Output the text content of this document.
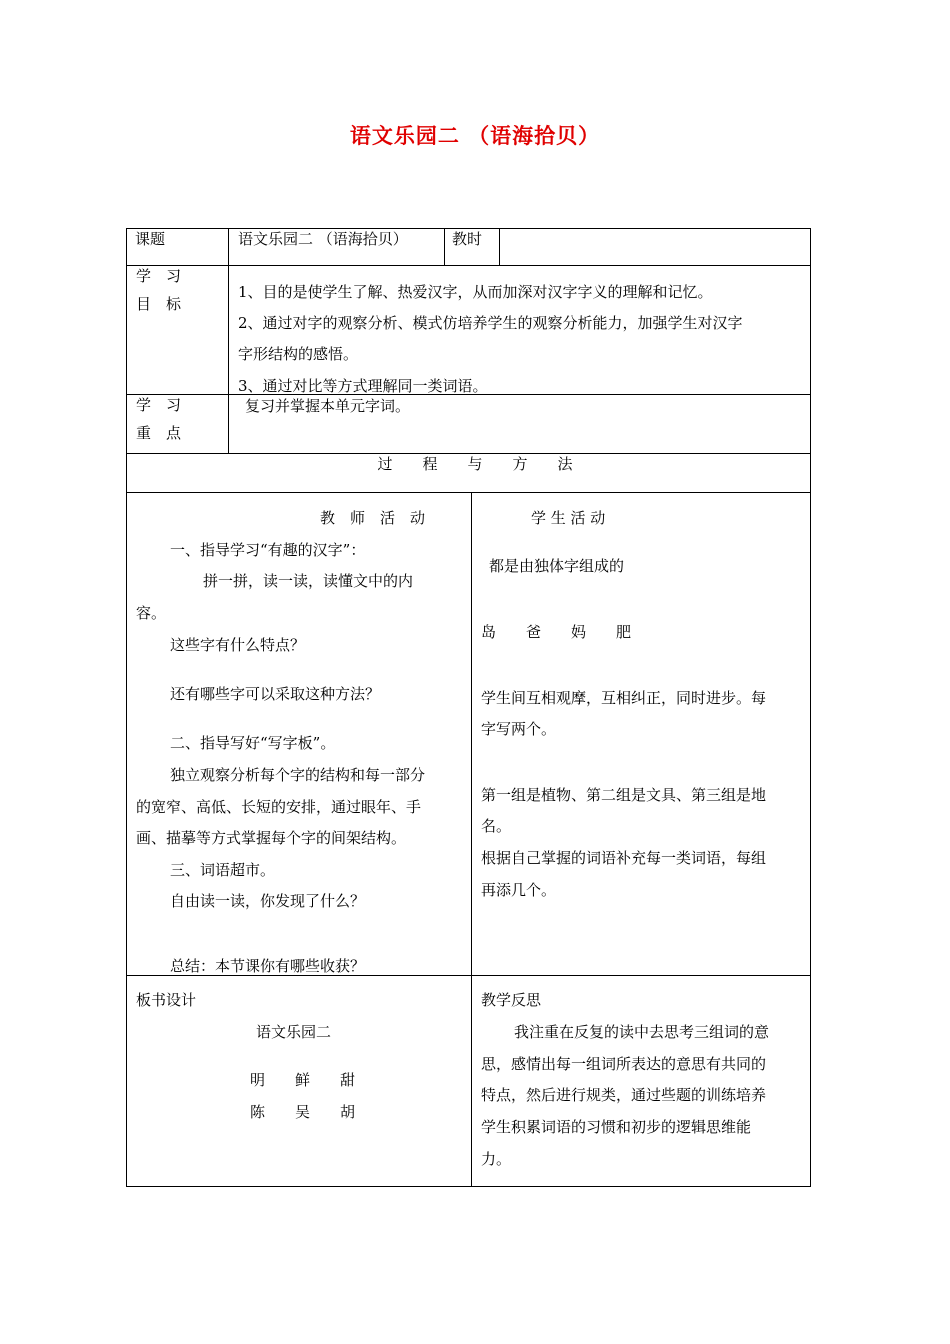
语文乐园二 （语海拾贝）
课题	语文乐园二 （语海拾贝）	教时
学　习
目　标
1、目的是使学生了解、热爱汉字，从而加深对汉字字义的理解和记忆。
2、通过对字的观察分析、模式仿培养学生的观察分析能力，加强学生对汉字
字形结构的感悟。
3、通过对比等方式理解同一类词语。
学　习
重　点
复习并掌握本单元字词。
过　　程　　与　　方　　法
教　师　活　动
一、指导学习“有趣的汉字”：
拼一拼，读一读，读懂文中的内
容。
这些字有什么特点？
还有哪些字可以采取这种方法？
二、指导写好“写字板”。
独立观察分析每个字的结构和每一部分
的宽窄、高低、长短的安排，通过眼年、手
画、描摹等方式掌握每个字的间架结构。
三、词语超市。
自由读一读，你发现了什么？
总结：本节课你有哪些收获？
学 生 活 动
都是由独体字组成的
岛　　爸　　妈　　肥
学生间互相观摩，互相纠正，同时进步。每
字写两个。
第一组是植物、第二组是文具、第三组是地
名。
根据自己掌握的词语补充每一类词语，每组
再添几个。
板书设计
语文乐园二
明　　鲜　　甜
陈　　吴　　胡
教学反思
我注重在反复的读中去思考三组词的意
思，感情出每一组词所表达的意思有共同的
特点，然后进行规类，通过些题的训练培养
学生积累词语的习惯和初步的逻辑思维能
力。
